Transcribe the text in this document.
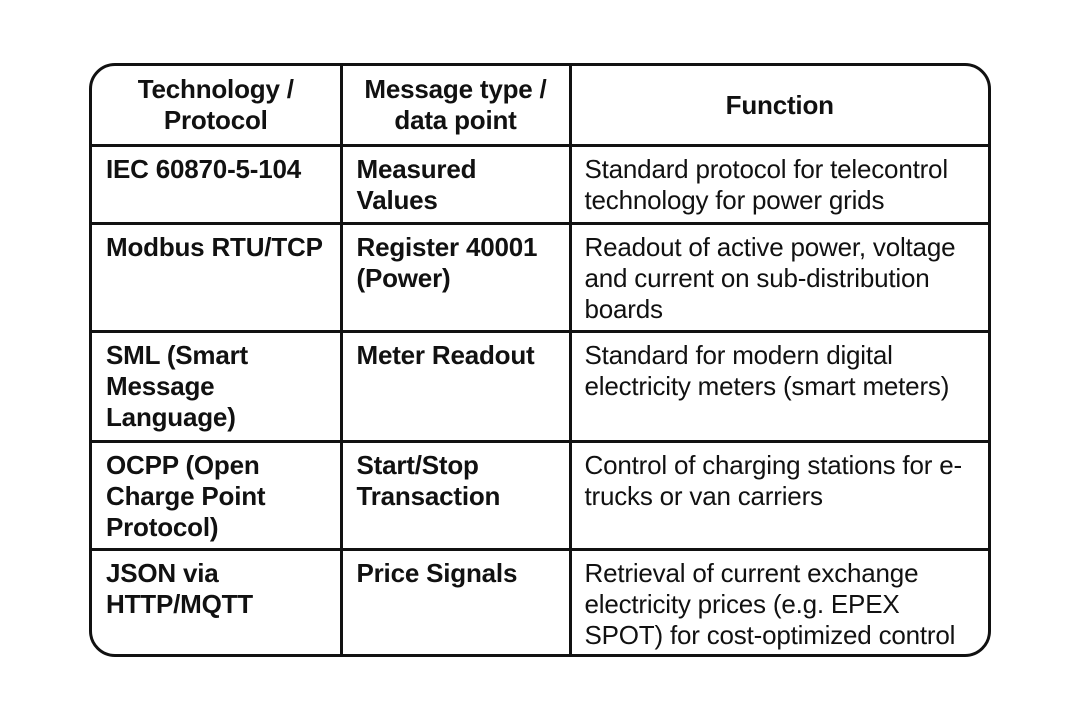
Technology / Protocol	Message type / data point	Function
IEC 60870-5-104	Measured Values	Standard protocol for telecontrol technology for power grids
Modbus RTU/TCP	Register 40001 (Power)	Readout of active power, voltage and current on sub-distribution boards
SML (Smart Message Language)	Meter Readout	Standard for modern digital electricity meters (smart meters)
OCPP (Open Charge Point Protocol)	Start/Stop Transaction	Control of charging stations for e-trucks or van carriers
JSON via HTTP/MQTT	Price Signals	Retrieval of current exchange electricity prices (e.g. EPEX SPOT) for cost-optimized control
